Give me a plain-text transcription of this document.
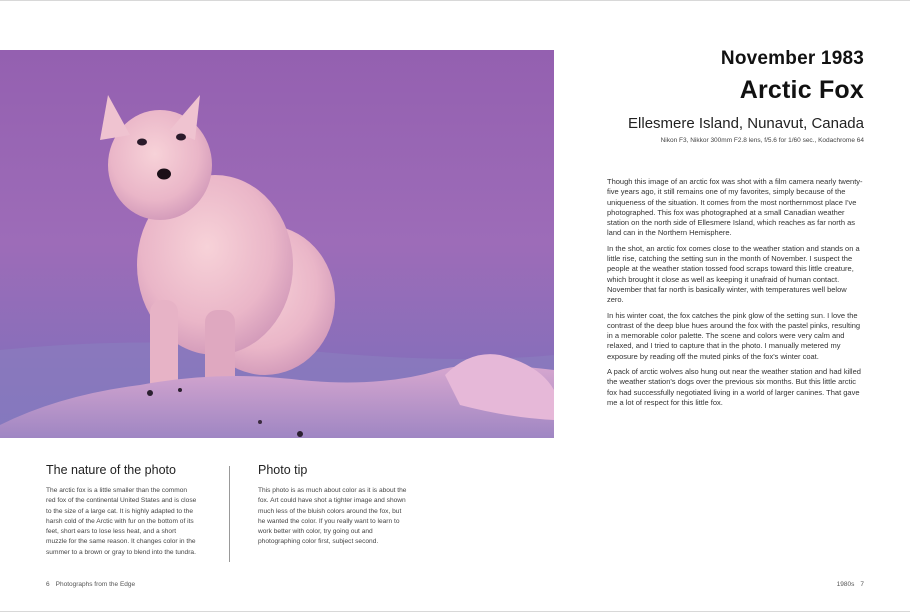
November 1983

Arctic Fox

Ellesmere Island, Nunavut, Canada

Nikon F3, Nikkor 300mm F2.8 lens, f/5.6 for 1/60 sec., Kodachrome 64

Though this image of an arctic fox was shot with a film camera nearly twenty-five years ago, it still remains one of my favorites, simply because of the uniqueness of the situation. It comes from the most northernmost place I've photographed. This fox was photographed at a small Canadian weather station on the north side of Ellesmere Island, which reaches as far north as land can in the Northern Hemisphere.

In the shot, an arctic fox comes close to the weather station and stands on a little rise, catching the setting sun in the month of November. I suspect the people at the weather station tossed food scraps toward this little creature, which brought it close as well as keeping it unafraid of human contact. November that far north is basically winter, with temperatures well below zero.

In his winter coat, the fox catches the pink glow of the setting sun. I love the contrast of the deep blue hues around the fox with the pastel pinks, resulting in a memorable color palette. The scene and colors were very calm and relaxed, and I tried to capture that in the photo. I manually metered my exposure by reading off the muted pinks of the fox's winter coat.

A pack of arctic wolves also hung out near the weather station and had killed the weather station's dogs over the previous six months. But this little arctic fox had successfully negotiated living in a world of larger canines. That gave me a lot of respect for this little fox.

The nature of the photo

The arctic fox is a little smaller than the common red fox of the continental United States and is close to the size of a large cat. It is highly adapted to the harsh cold of the Arctic with fur on the bottom of its feet, short ears to lose less heat, and a short muzzle for the same reason. It changes color in the summer to a brown or gray to blend into the tundra.

Photo tip

This photo is as much about color as it is about the fox. Art could have shot a tighter image and shown much less of the bluish colors around the fox, but he wanted the color. If you really want to learn to work better with color, try going out and photographing color first, subject second.

6 Photographs from the Edge	1980s 7
